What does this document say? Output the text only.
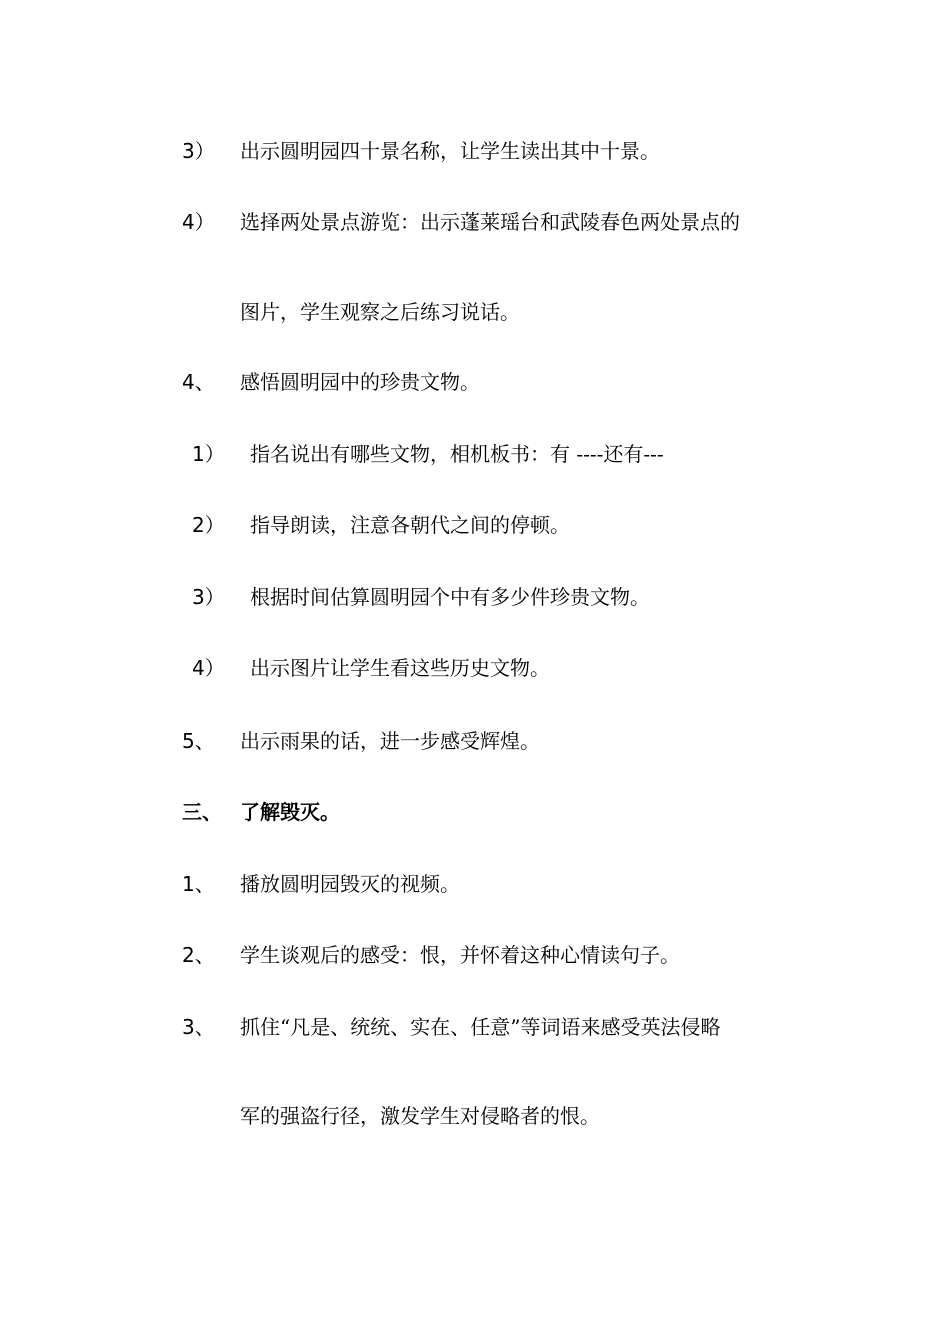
3） 出示圆明园四十景名称，让学生读出其中十景。
4） 选择两处景点游览：出示蓬莱瑶台和武陵春色两处景点的
图片，学生观察之后练习说话。
4、 感悟圆明园中的珍贵文物。
1） 指名说出有哪些文物，相机板书：有 ----还有---
2） 指导朗读，注意各朝代之间的停顿。
3） 根据时间估算圆明园个中有多少件珍贵文物。
4） 出示图片让学生看这些历史文物。
5、 出示雨果的话，进一步感受辉煌。
三、 了解毁灭。
1、 播放圆明园毁灭的视频。
2、 学生谈观后的感受：恨，并怀着这种心情读句子。
3、 抓住“凡是、统统、实在、任意”等词语来感受英法侵略
军的强盗行径，激发学生对侵略者的恨。
